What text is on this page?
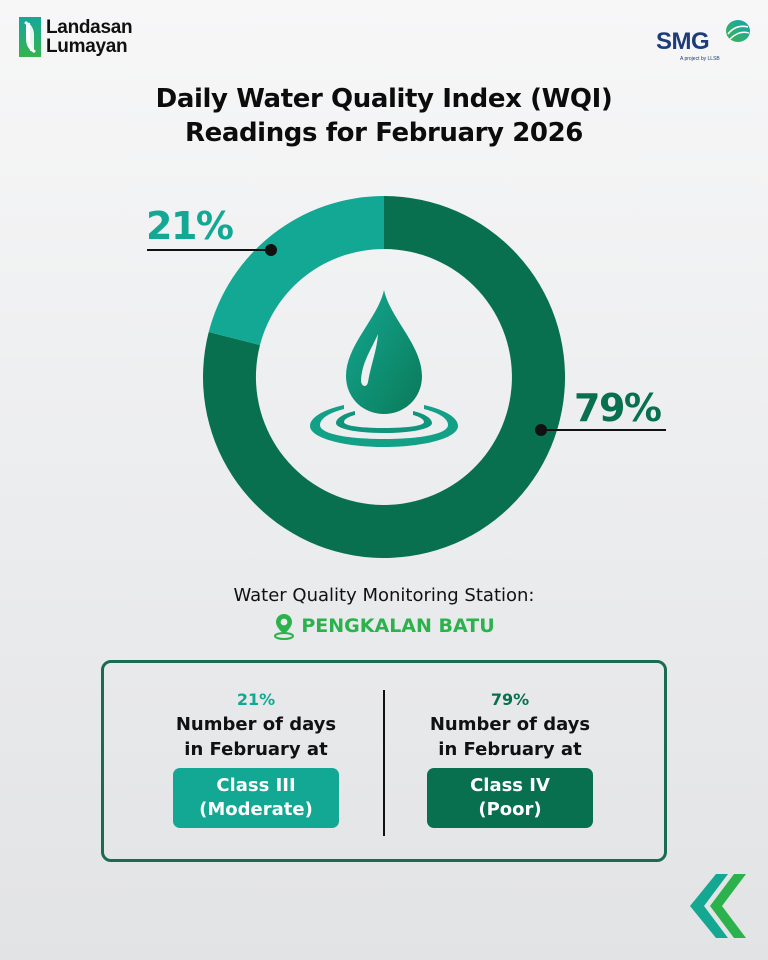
Landasan
Lumayan	SMG
A project by LLSB
Daily Water Quality Index (WQI)
Readings for February 2026
21%
79%
Water Quality Monitoring Station:
PENGKALAN BATU
21%
Number of days
in February at
Class III
(Moderate)
79%
Number of days
in February at
Class IV
(Poor)
